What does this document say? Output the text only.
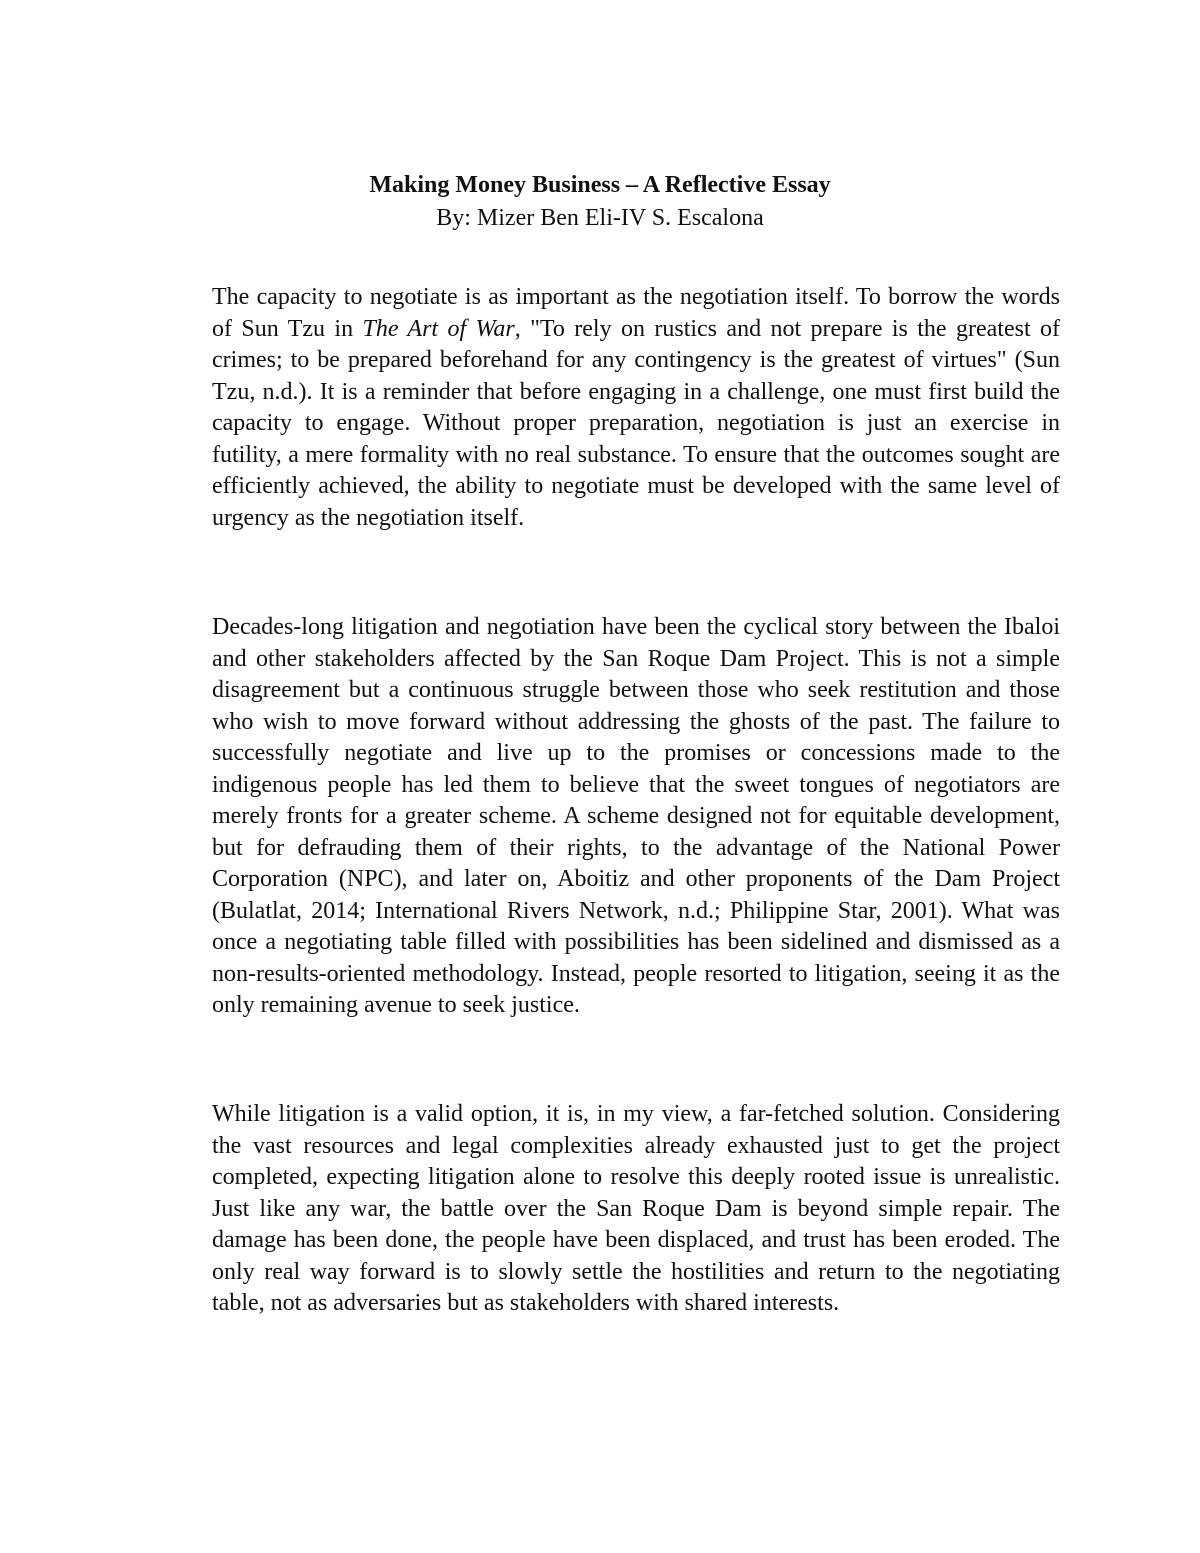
Making Money Business – A Reflective Essay

By: Mizer Ben Eli-IV S. Escalona

The capacity to negotiate is as important as the negotiation itself. To borrow the words of Sun Tzu in The Art of War, "To rely on rustics and not prepare is the greatest of crimes; to be prepared beforehand for any contingency is the greatest of virtues" (Sun Tzu, n.d.). It is a reminder that before engaging in a challenge, one must first build the capacity to engage. Without proper preparation, negotiation is just an exercise in futility, a mere formality with no real substance. To ensure that the outcomes sought are efficiently achieved, the ability to negotiate must be developed with the same level of urgency as the negotiation itself.

Decades-long litigation and negotiation have been the cyclical story between the Ibaloi and other stakeholders affected by the San Roque Dam Project. This is not a simple disagreement but a continuous struggle between those who seek restitution and those who wish to move forward without addressing the ghosts of the past. The failure to successfully negotiate and live up to the promises or concessions made to the indigenous people has led them to believe that the sweet tongues of negotiators are merely fronts for a greater scheme. A scheme designed not for equitable development, but for defrauding them of their rights, to the advantage of the National Power Corporation (NPC), and later on, Aboitiz and other proponents of the Dam Project (Bulatlat, 2014; International Rivers Network, n.d.; Philippine Star, 2001). What was once a negotiating table filled with possibilities has been sidelined and dismissed as a non-results-oriented methodology. Instead, people resorted to litigation, seeing it as the only remaining avenue to seek justice.

While litigation is a valid option, it is, in my view, a far-fetched solution. Considering the vast resources and legal complexities already exhausted just to get the project completed, expecting litigation alone to resolve this deeply rooted issue is unrealistic. Just like any war, the battle over the San Roque Dam is beyond simple repair. The damage has been done, the people have been displaced, and trust has been eroded. The only real way forward is to slowly settle the hostilities and return to the negotiating table, not as adversaries but as stakeholders with shared interests.
